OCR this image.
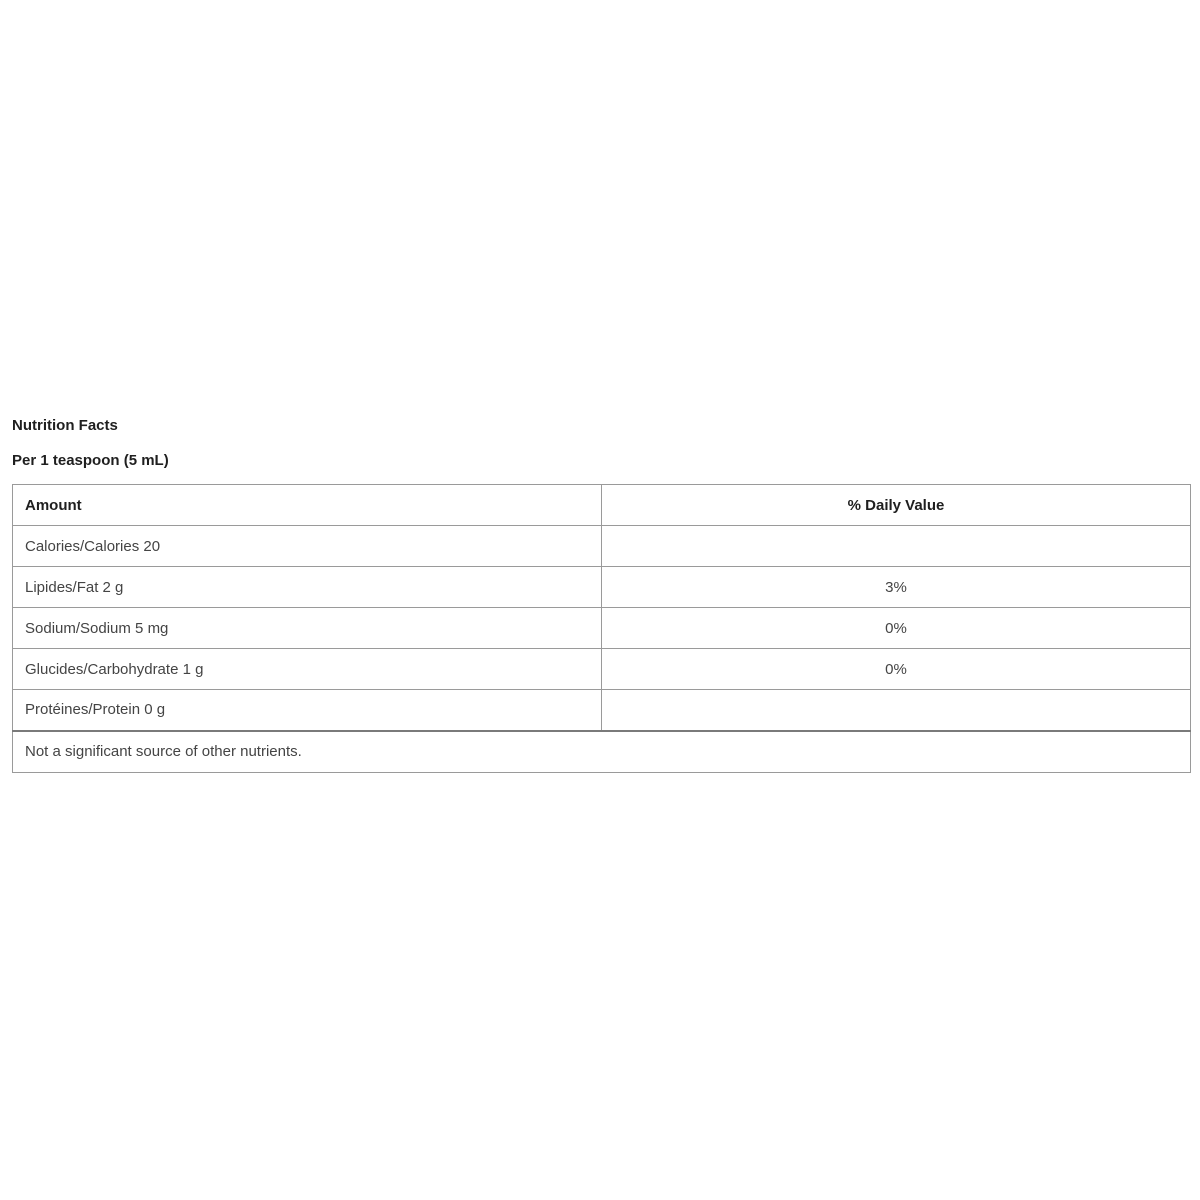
Nutrition Facts
Per 1 teaspoon (5 mL)
Amount	% Daily Value
Calories/Calories 20	
Lipides/Fat 2 g	3%
Sodium/Sodium 5 mg	0%
Glucides/Carbohydrate 1 g	0%
Protéines/Protein 0 g	
Not a significant source of other nutrients.	
